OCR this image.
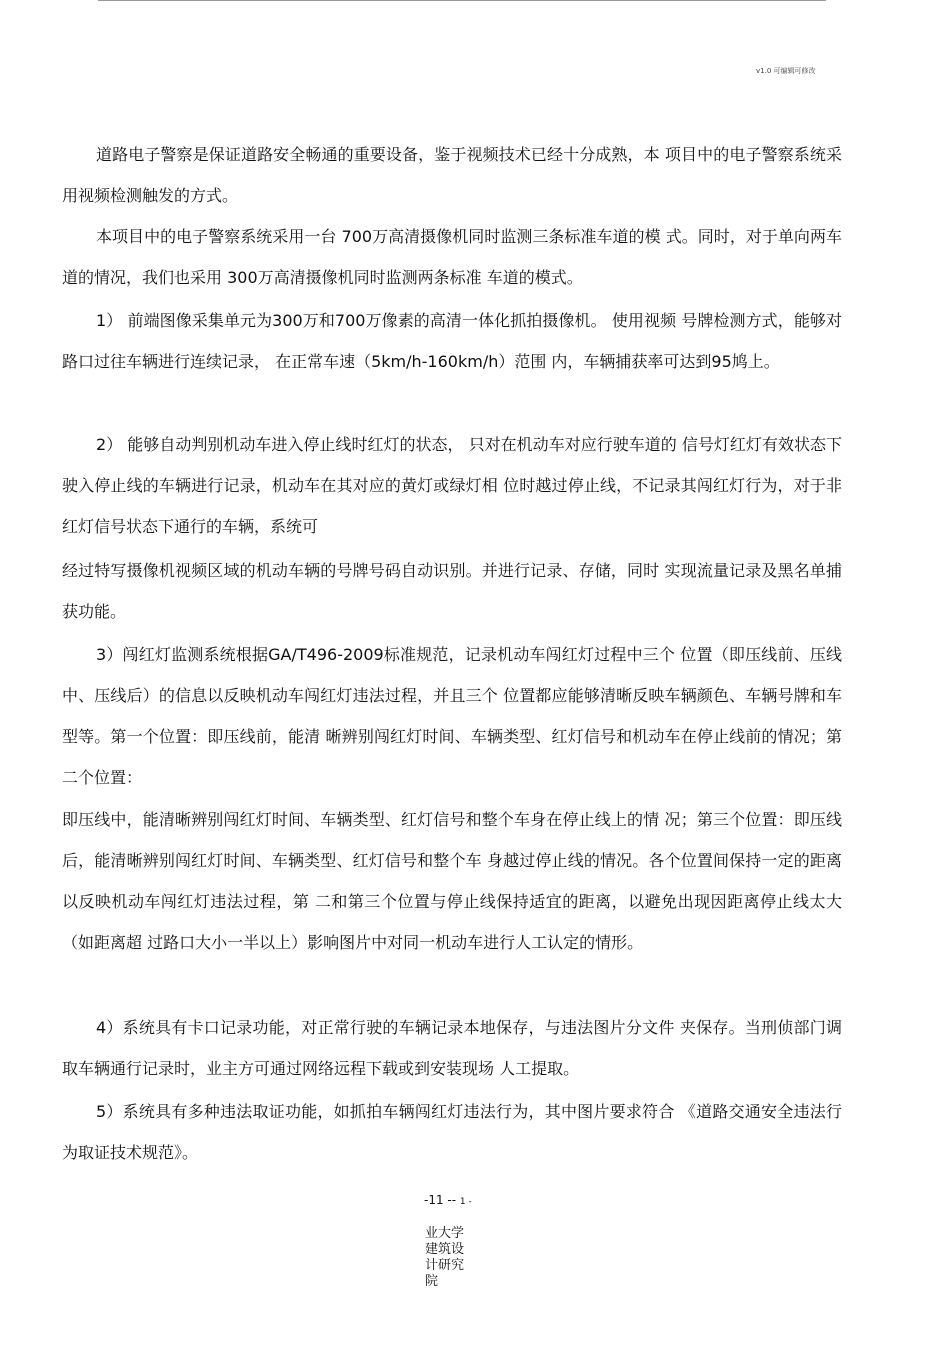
v1.0 可编辑可修改

道路电子警察是保证道路安全畅通的重要设备，鉴于视频技术已经十分成熟，本 项目中的电子警察系统采用视频检测触发的方式。

本项目中的电子警察系统采用一台 700万高清摄像机同时监测三条标准车道的模 式。同时，对于单向两车道的情况，我们也采用 300万高清摄像机同时监测两条标准 车道的模式。

1） 前端图像采集单元为300万和700万像素的高清一体化抓拍摄像机。 使用视频 号牌检测方式，能够对路口过往车辆进行连续记录， 在正常车速（5km/h-160km/h）范围 内，车辆捕获率可达到95鸠上。

2） 能够自动判别机动车进入停止线时红灯的状态， 只对在机动车对应行驶车道的 信号灯红灯有效状态下驶入停止线的车辆进行记录，机动车在其对应的黄灯或绿灯相 位时越过停止线，不记录其闯红灯行为，对于非红灯信号状态下通行的车辆，系统可

经过特写摄像机视频区域的机动车辆的号牌号码自动识别。并进行记录、存储，同时 实现流量记录及黑名单捕获功能。

3）闯红灯监测系统根据GA/T496-2009标准规范，记录机动车闯红灯过程中三个 位置（即压线前、压线中、压线后）的信息以反映机动车闯红灯违法过程，并且三个 位置都应能够清晰反映车辆颜色、车辆号牌和车型等。第一个位置：即压线前，能清 晰辨别闯红灯时间、车辆类型、红灯信号和机动车在停止线前的情况；第二个位置：

即压线中，能清晰辨别闯红灯时间、车辆类型、红灯信号和整个车身在停止线上的情 况；第三个位置：即压线后，能清晰辨别闯红灯时间、车辆类型、红灯信号和整个车 身越过停止线的情况。各个位置间保持一定的距离以反映机动车闯红灯违法过程，第 二和第三个位置与停止线保持适宜的距离，以避免出现因距离停止线太大（如距离超 过路口大小一半以上）影响图片中对同一机动车进行人工认定的情形。

4）系统具有卡口记录功能，对正常行驶的车辆记录本地保存，与违法图片分文件 夹保存。当刑侦部门调取车辆通行记录时，业主方可通过网络远程下载或到安装现场 人工提取。

5）系统具有多种违法取证功能，如抓拍车辆闯红灯违法行为，其中图片要求符合 《道路交通安全违法行为取证技术规范》。

-11 -- 1 -
业大学建筑设计研究院
